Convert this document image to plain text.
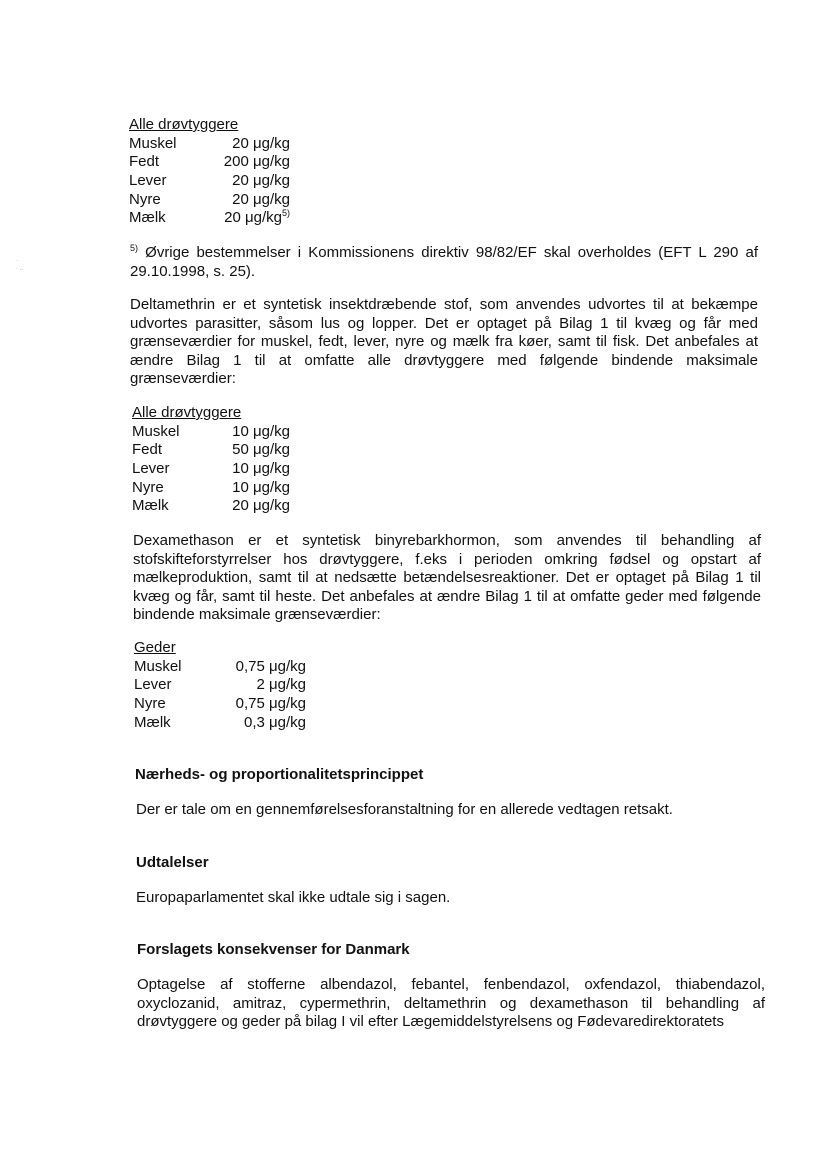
·
· ..
Alle drøvtyggere
Muskel	20 μg/kg
Fedt	200 μg/kg
Lever	20 μg/kg
Nyre	20 μg/kg
Mælk	20 $\mu g/kg^{5)}$

$^{5)}$ Øvrige bestemmelser i Kommissionens direktiv 98/82/EF skal overholdes (EFT L 290 af 29.10.1998, s. 25).

Deltamethrin er et syntetisk insektdræbende stof, som anvendes udvortes til at bekæmpe udvortes parasitter, såsom lus og lopper. Det er optaget på Bilag 1 til kvæg og får med grænseværdier for muskel, fedt, lever, nyre og mælk fra køer, samt til fisk. Det anbefales at ændre Bilag 1 til at omfatte alle drøvtyggere med følgende bindende maksimale grænseværdier:

Alle drøvtyggere
Muskel	10 μg/kg
Fedt	50 μg/kg
Lever	10 μg/kg
Nyre	10 μg/kg
Mælk	20 μg/kg

Dexamethason er et syntetisk binyrebarkhormon, som anvendes til behandling af stofskifteforstyrrelser hos drøvtyggere, f.eks i perioden omkring fødsel og opstart af mælkeproduktion, samt til at nedsætte betændelsesreaktioner. Det er optaget på Bilag 1 til kvæg og får, samt til heste. Det anbefales at ændre Bilag 1 til at omfatte geder med følgende bindende maksimale grænseværdier:

Geder
Muskel	0,75 μg/kg
Lever	2 μg/kg
Nyre	0,75 μg/kg
Mælk	0,3 μg/kg
Nærheds- og proportionalitetsprincippet
Der er tale om en gennemførelsesforanstaltning for en allerede vedtagen retsakt.
Udtalelser
Europaparlamentet skal ikke udtale sig i sagen.
Forslagets konsekvenser for Danmark

Optagelse af stofferne albendazol, febantel, fenbendazol, oxfendazol, thiabendazol, oxyclozanid, amitraz, cypermethrin, deltamethrin og dexamethason til behandling af drøvtyggere og geder på bilag I vil efter Lægemiddelstyrelsens og Fødevaredirektoratets
